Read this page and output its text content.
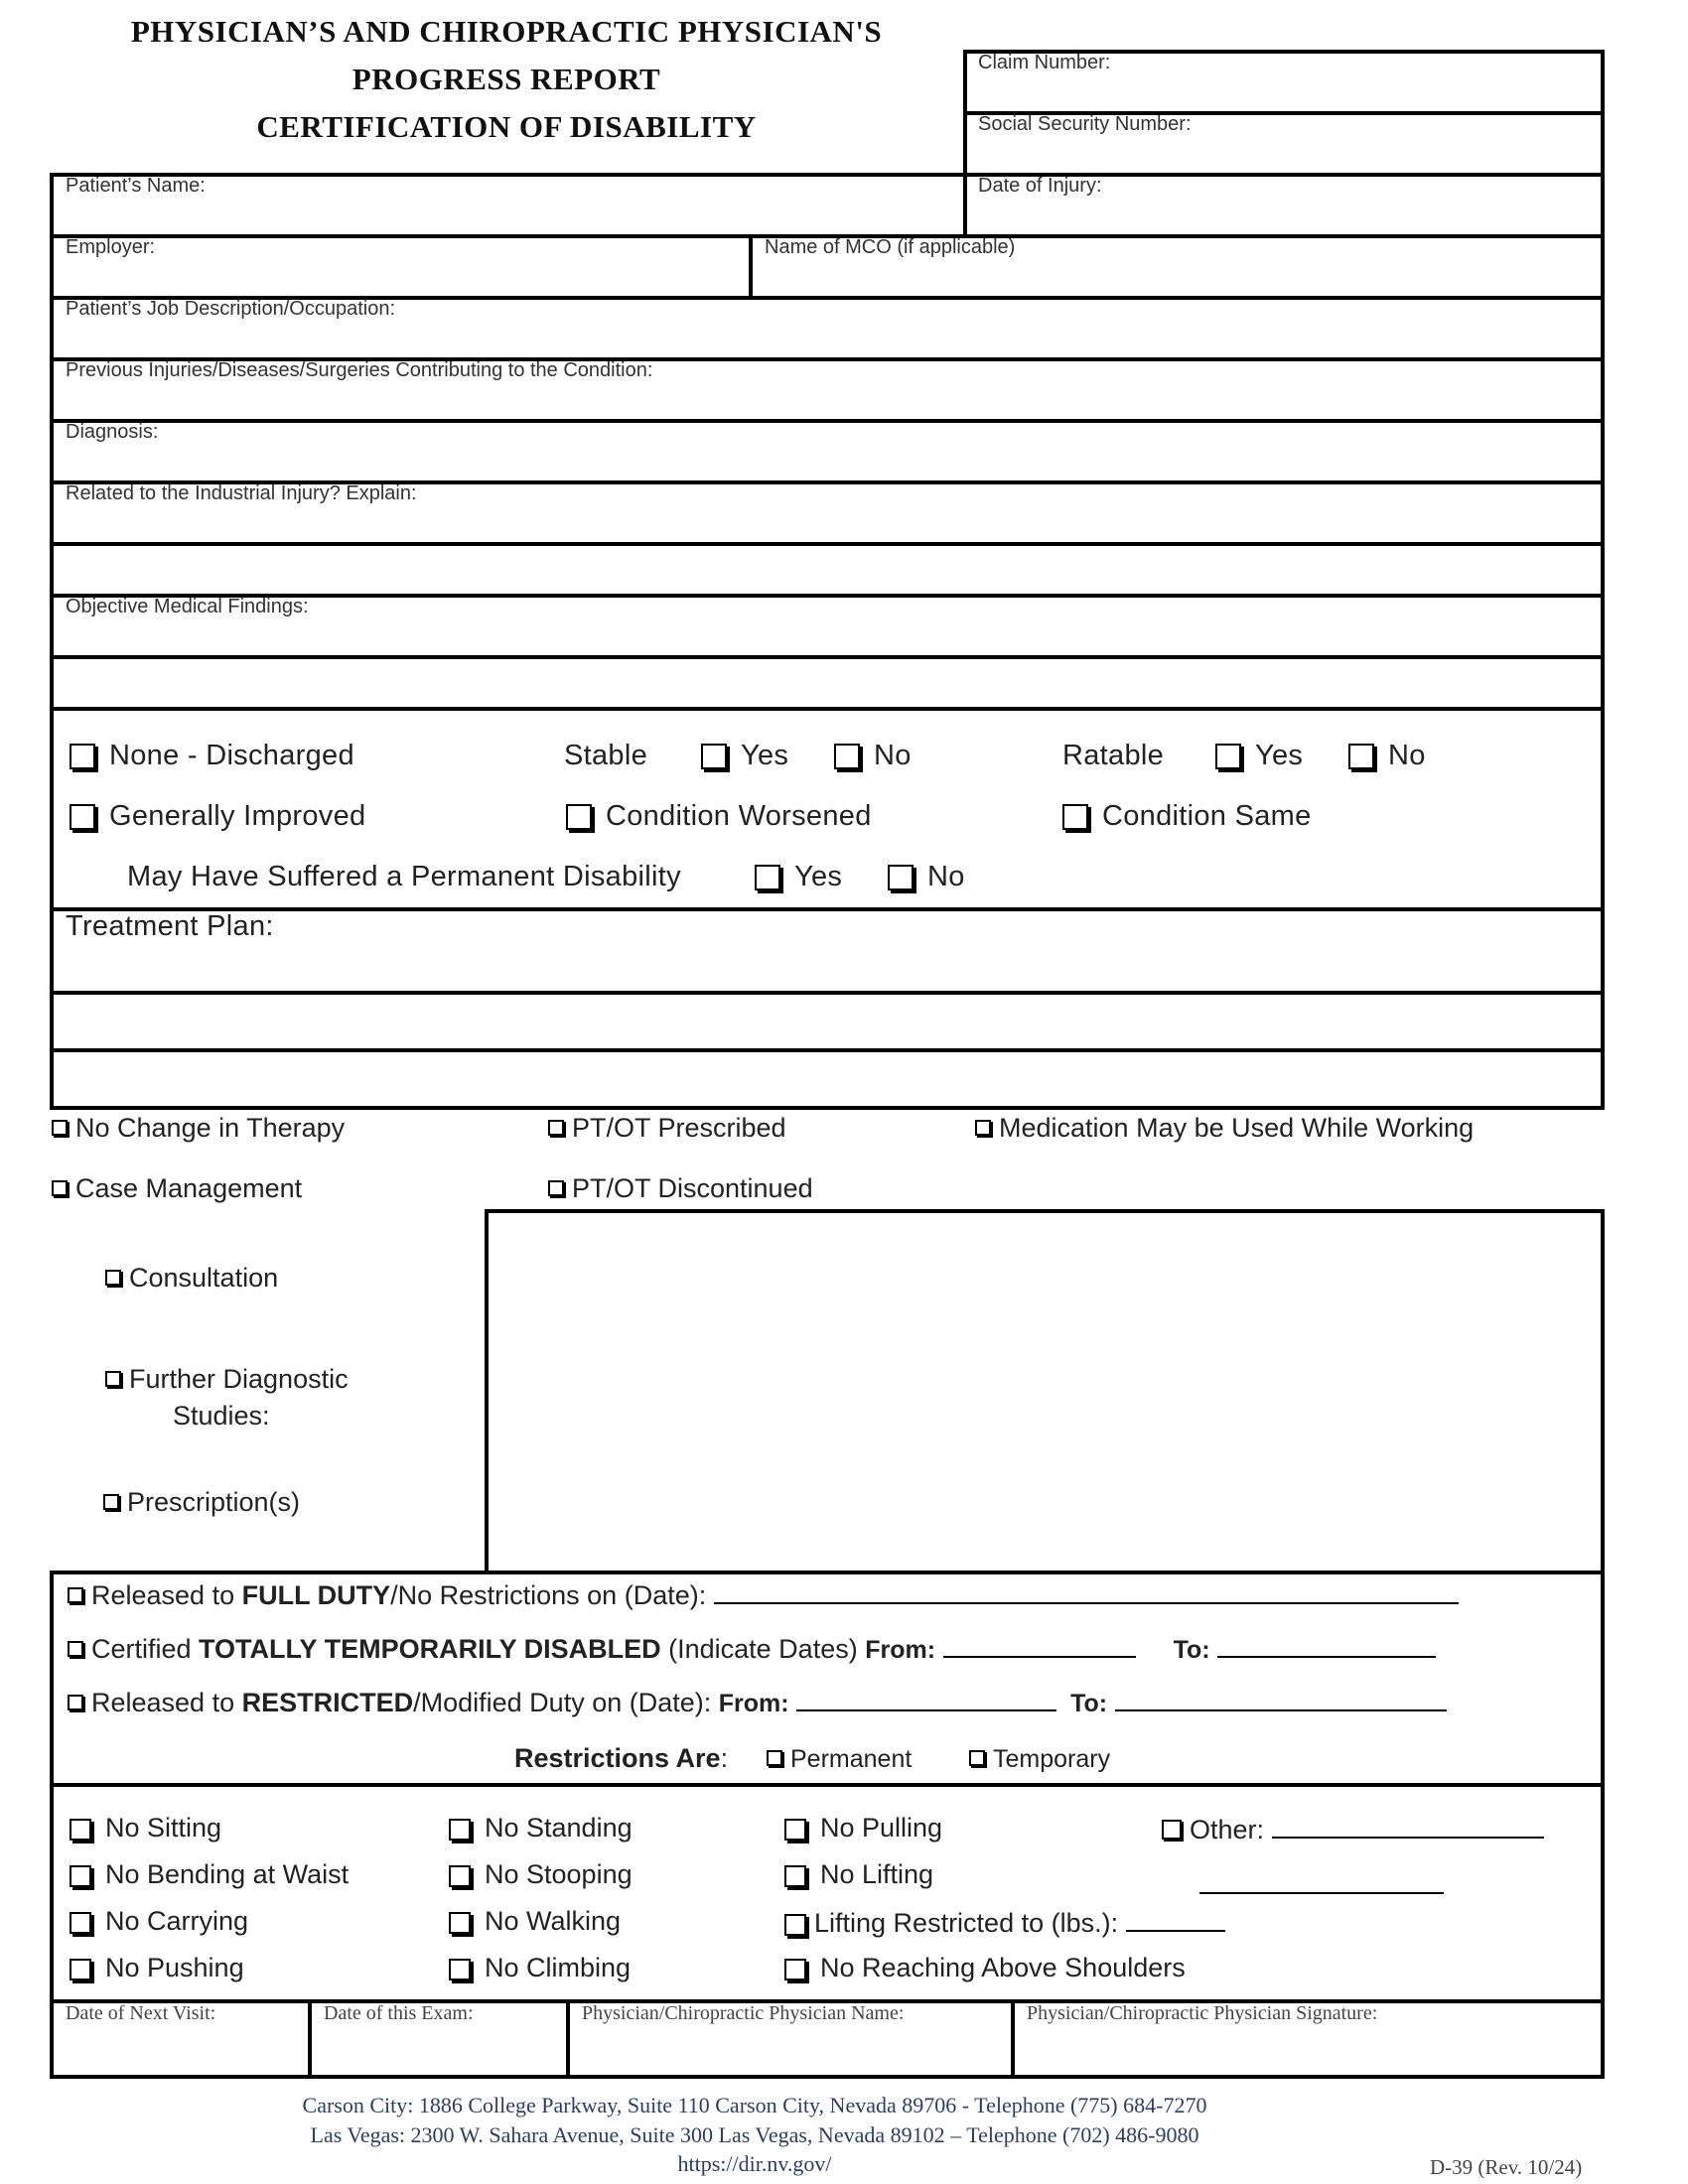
PHYSICIAN’S AND CHIROPRACTIC PHYSICIAN'S
PROGRESS REPORT
CERTIFICATION OF DISABILITY
Claim Number:
Social Security Number:
Patient’s Name:	Date of Injury:
Employer:	Name of MCO (if applicable)
Patient’s Job Description/Occupation:
Previous Injuries/Diseases/Surgeries Contributing to the Condition:
Diagnosis:
Related to the Industrial Injury? Explain:
Objective Medical Findings:
None - Discharged	Stable	Yes	No	Ratable	Yes	No
Generally Improved	Condition Worsened	Condition Same
May Have Suffered a Permanent Disability	Yes	No
Treatment Plan:
No Change in Therapy	PT/OT Prescribed	Medication May be Used While Working
Case Management	PT/OT Discontinued
Consultation
Further Diagnostic
Studies:
Prescription(s)
Released to FULL DUTY/No Restrictions on (Date):
Certified TOTALLY TEMPORARILY DISABLED (Indicate Dates) From:	To:
Released to RESTRICTED/Modified Duty on (Date): From:	To:
Restrictions Are:	Permanent	Temporary
No Sitting	No Standing	No Pulling	Other:
No Bending at Waist	No Stooping	No Lifting
No Carrying	No Walking	Lifting Restricted to (lbs.):
No Pushing	No Climbing	No Reaching Above Shoulders
Date of Next Visit:	Date of this Exam:	Physician/Chiropractic Physician Name:	Physician/Chiropractic Physician Signature:
Carson City: 1886 College Parkway, Suite 110 Carson City, Nevada 89706 - Telephone (775) 684-7270
Las Vegas: 2300 W. Sahara Avenue, Suite 300 Las Vegas, Nevada 89102 – Telephone (702) 486-9080
https://dir.nv.gov/	D-39 (Rev. 10/24)
